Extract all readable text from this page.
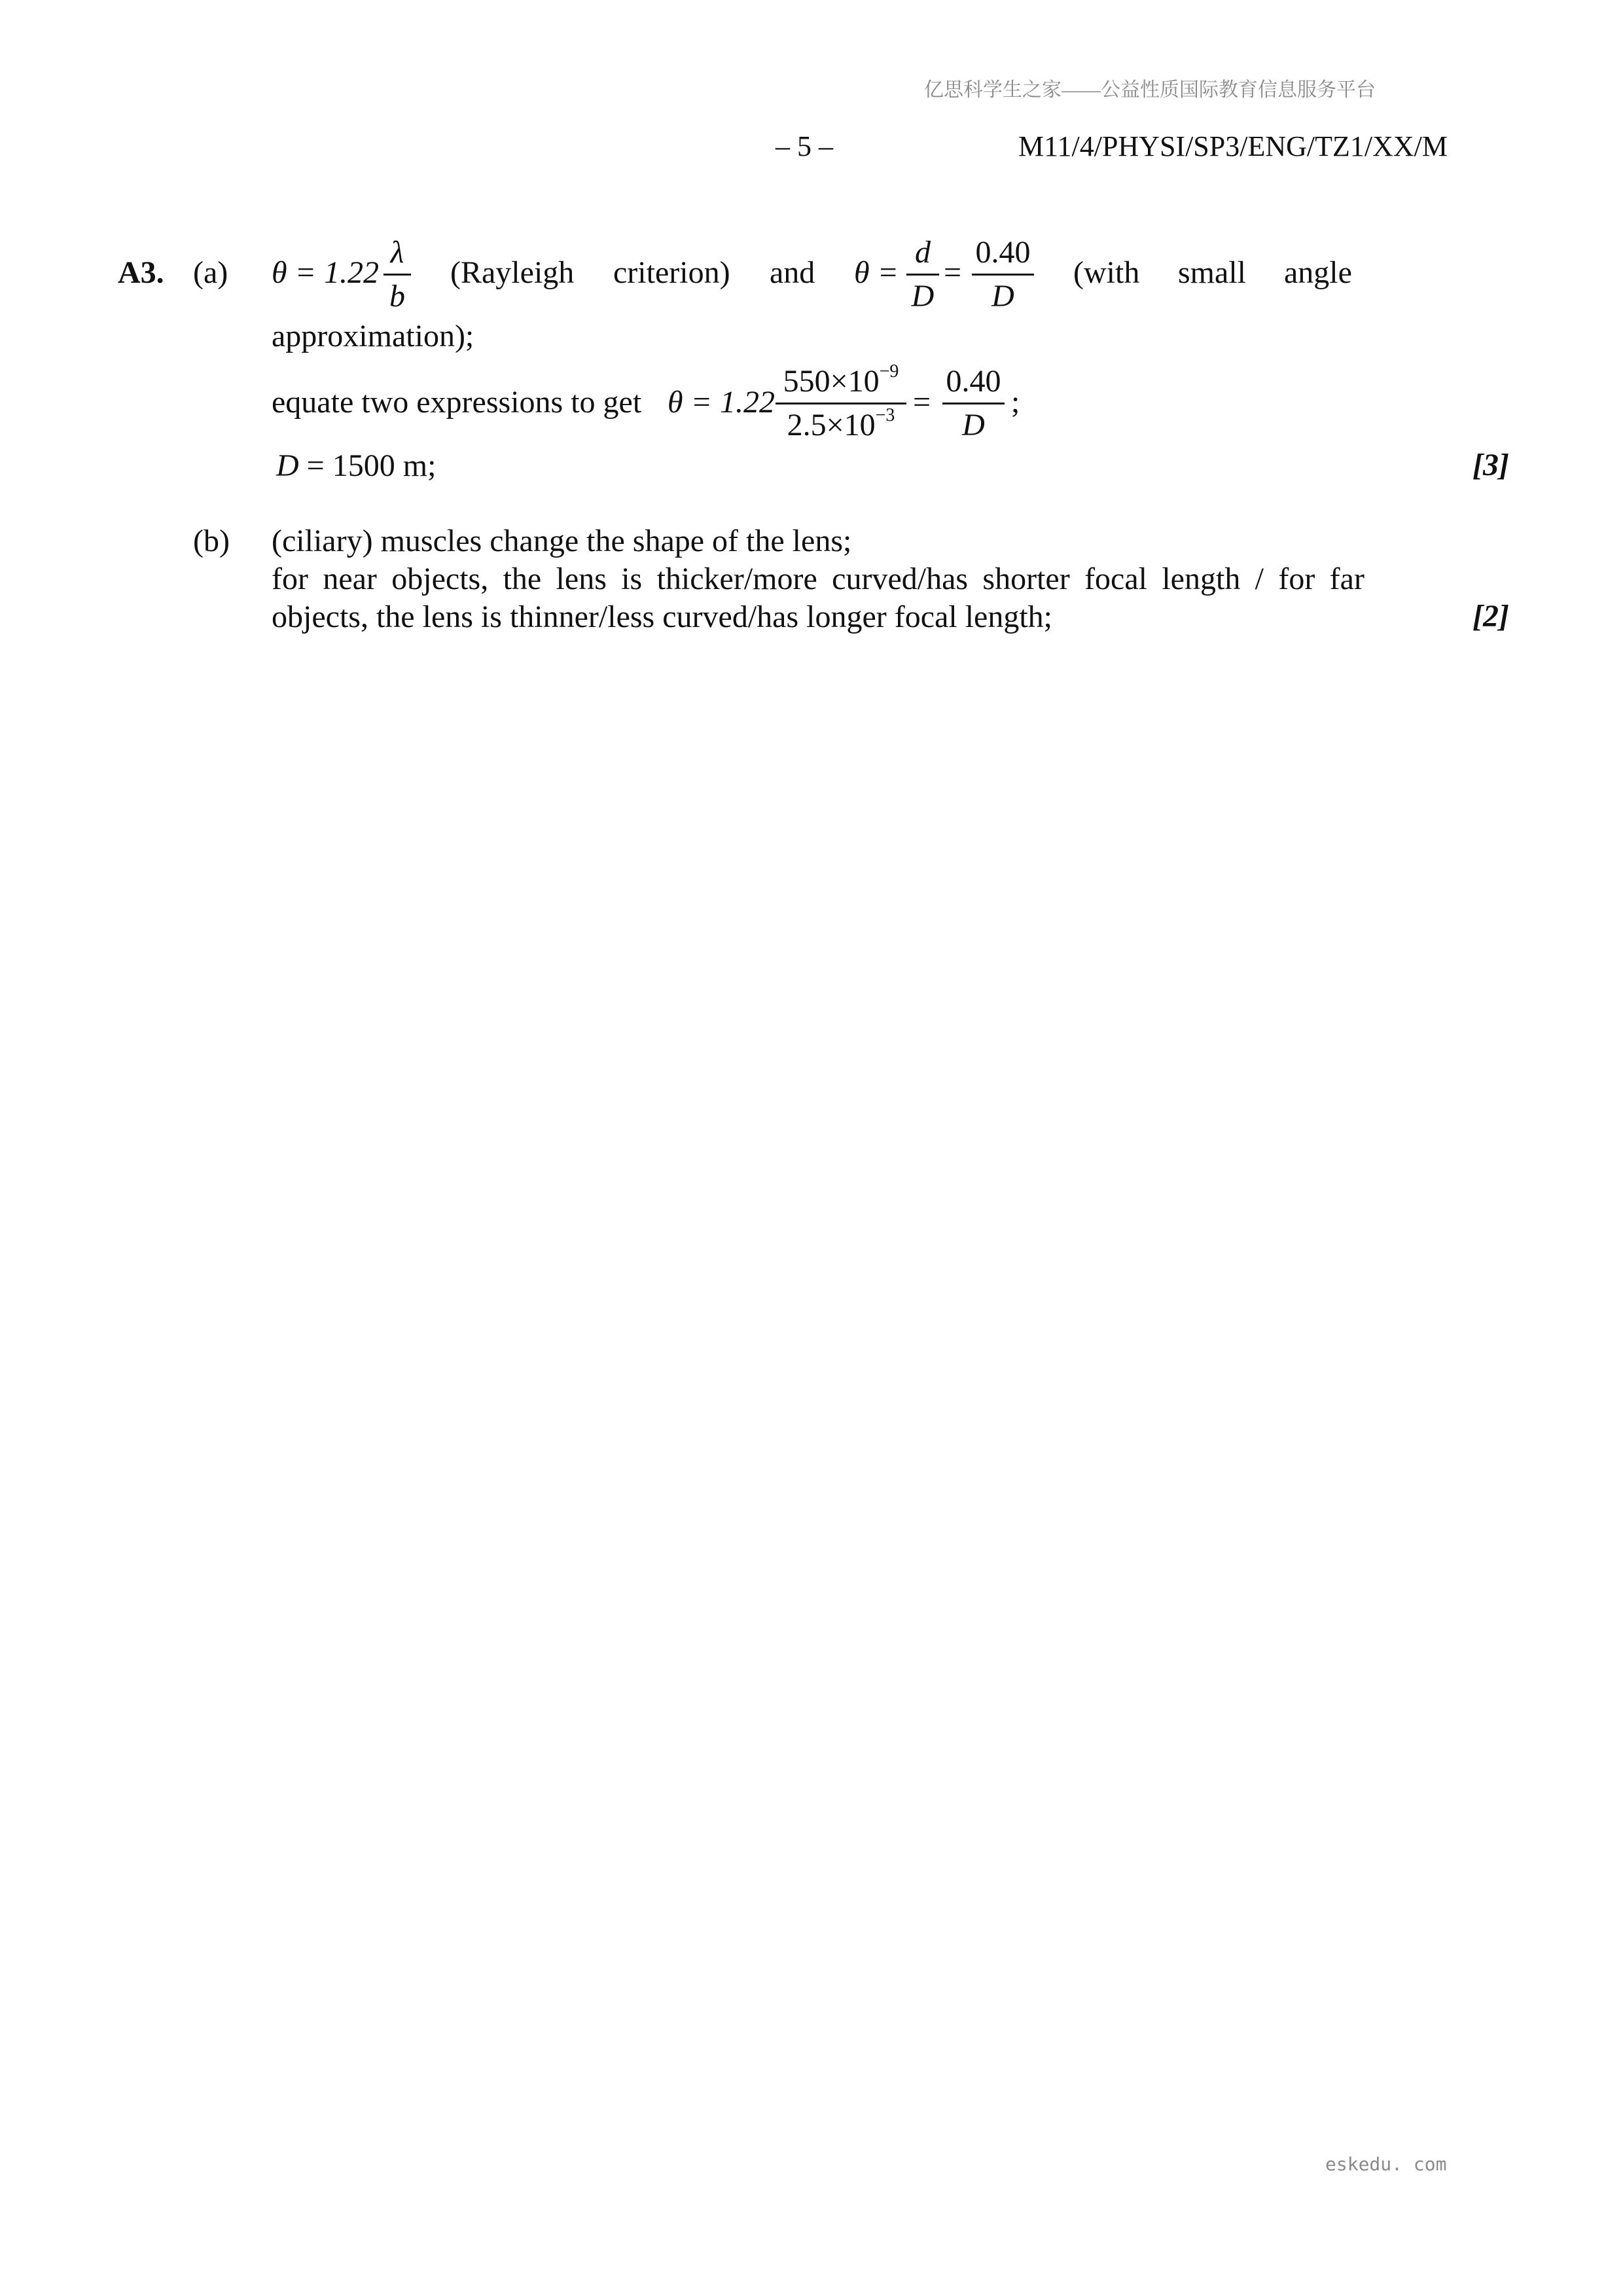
亿思科学生之家——公益性质国际教育信息服务平台
– 5 –	M11/4/PHYSI/SP3/ENG/TZ1/XX/M
A3. (a) θ = 1.22
λ
b
(Rayleigh criterion) and θ =
d
D
=
0.40
D
(with small angle
approximation);
equate two expressions to get θ = 1.22
$550\times 10^{-9}$
$2.5\times 10^{-3}$ =
0.40
D
;
D = 1500 m;	[3]
(b) (ciliary) muscles change the shape of the lens;
for near objects, the lens is thicker/more curved/has shorter focal length / for far
objects, the lens is thinner/less curved/has longer focal length;	[2]
eskedu. com
